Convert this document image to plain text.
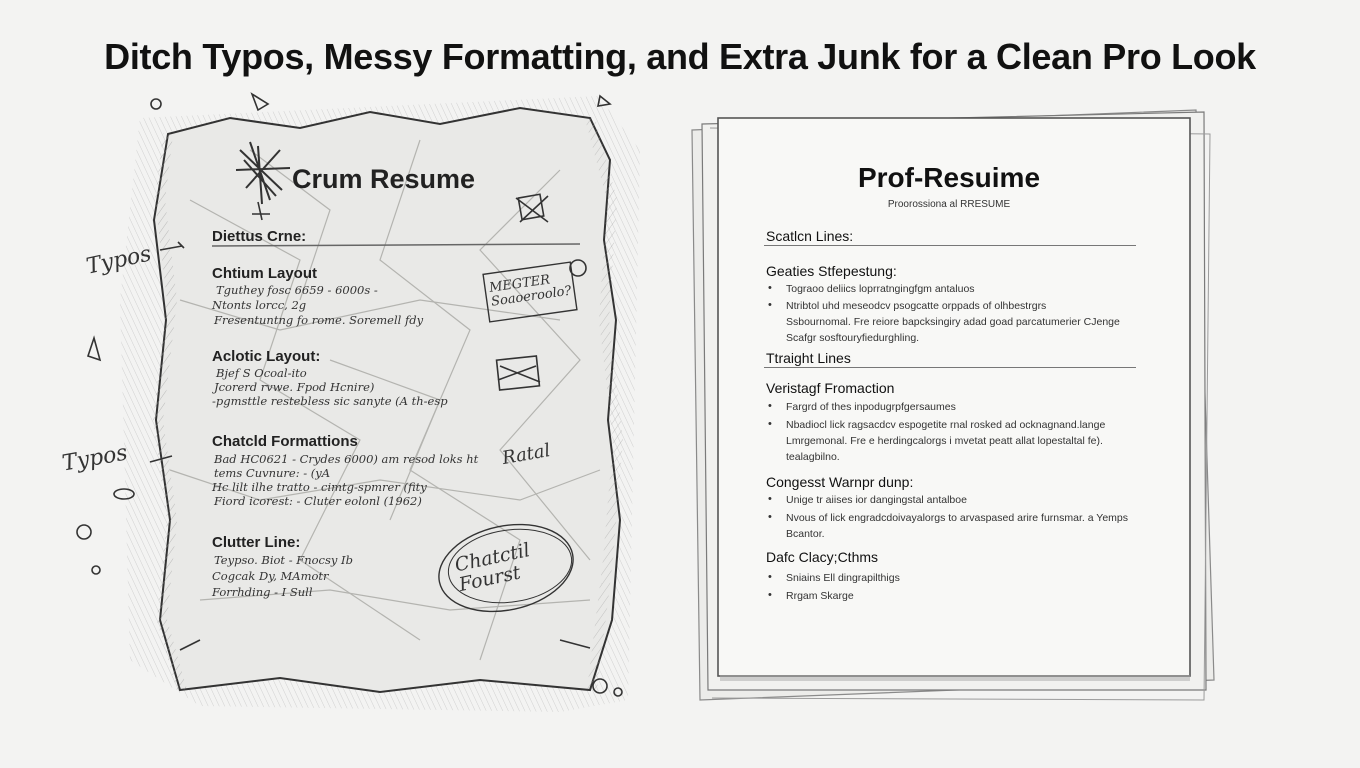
Ditch Typos, Messy Formatting, and Extra Junk for a Clean Pro Look
Crum Resume
Diettus Crne:
Chtium Layout
Tguthey fosc 6659 - 6000s -
Ntonts lorcc, 2g
Fresentuntng fo rome. Soremell fdy
Aclotic Layout:
Bjef S Ocoal-ito
Jcorerd rvwe. Fpod Hcnire)
-pgmsttle restebless sic sanyte (A th-esp
Chatcld Formattions
Bad HC0621 - Crydes 6000) am resod loks ht
tems Cuvnure: - (yA
Hc lilt ilhe tratto - cimtg-spmrer (fity
Fiord icorest: - Cluter eolonl (1962)
Clutter Line:
Teypso. Biot - Fnocsy Ib
Cogcak Dy, MAmotr
Forrhding - I Sull
Typos
Typos
MEGTER Soaoeroolo?
Ratal
Chatctil Fourst
Prof-Resuime
Proorossiona al RRESUME
Scatlcn Lines:
Geaties Stfepestung:
Tograoo deliics loprratngingfgm antaluos
Ntribtol uhd meseodcv psogcatte orppads of olhbestrgrs
Ssbournomal. Fre reiore bapcksingiry adad goad parcatumerier CJenge
Scafgr sosftouryfiedurghling.
Ttraight Lines
Veristagf Fromaction
Fargrd of thes inpodugrpfgersaumes
Nbadiocl lick ragsacdcv espogetite rnal rosked ad ocknagnand.lange
Lmrgemonal. Fre e herdingcalorgs i mvetat peatt allat lopestaltal fe).
tealagbilno.
Congesst Warnpr dunp:
Unige tr aiises ior dangingstal antalboe
Nvous of lick engradcdoivayalorgs to arvaspased arire furnsmar. a Yemps
Bcantor.
Dafc Clacy;Cthms
Sniains Ell dingrapilthigs
Rrgam Skarge
